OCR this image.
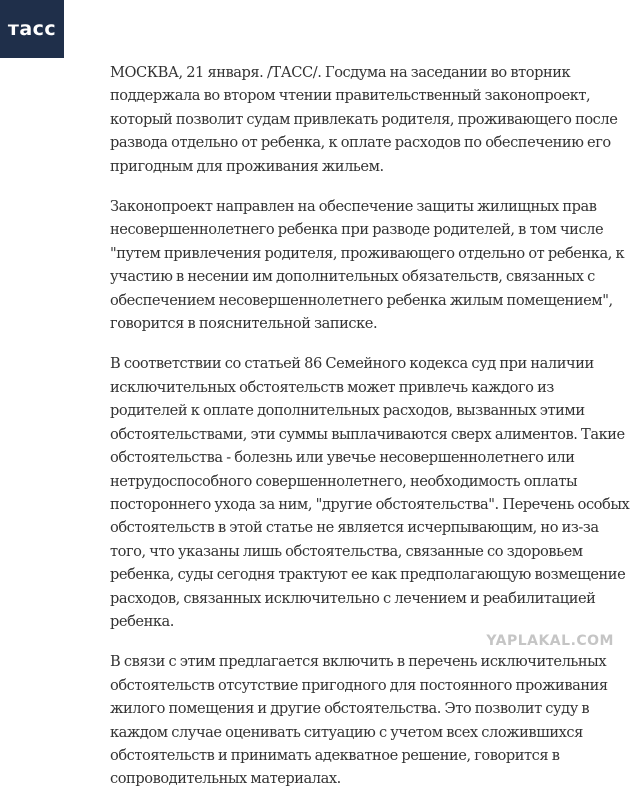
тасс

МОСКВА, 21 января. /ТАСС/. Госдума на заседании во вторник поддержала во втором чтении правительственный законопроект, который позволит судам привлекать родителя, проживающего после развода отдельно от ребенка, к оплате расходов по обеспечению его пригодным для проживания жильем.

Законопроект направлен на обеспечение защиты жилищных прав несовершеннолетнего ребенка при разводе родителей, в том числе "путем привлечения родителя, проживающего отдельно от ребенка, к участию в несении им дополнительных обязательств, связанных с обеспечением несовершеннолетнего ребенка жилым помещением", говорится в пояснительной записке.

В соответствии со статьей 86 Семейного кодекса суд при наличии исключительных обстоятельств может привлечь каждого из родителей к оплате дополнительных расходов, вызванных этими обстоятельствами, эти суммы выплачиваются сверх алиментов. Такие обстоятельства - болезнь или увечье несовершеннолетнего или нетрудоспособного совершеннолетнего, необходимость оплаты постороннего ухода за ним, "другие обстоятельства". Перечень особых обстоятельств в этой статье не является исчерпывающим, но из-за того, что указаны лишь обстоятельства, связанные со здоровьем ребенка, суды сегодня трактуют ее как предполагающую возмещение расходов, связанных исключительно с лечением и реабилитацией ребенка.

В связи с этим предлагается включить в перечень исключительных обстоятельств отсутствие пригодного для постоянного проживания жилого помещения и другие обстоятельства. Это позволит суду в каждом случае оценивать ситуацию с учетом всех сложившихся обстоятельств и принимать адекватное решение, говорится в сопроводительных материалах.

YAPLAKAL.COM
